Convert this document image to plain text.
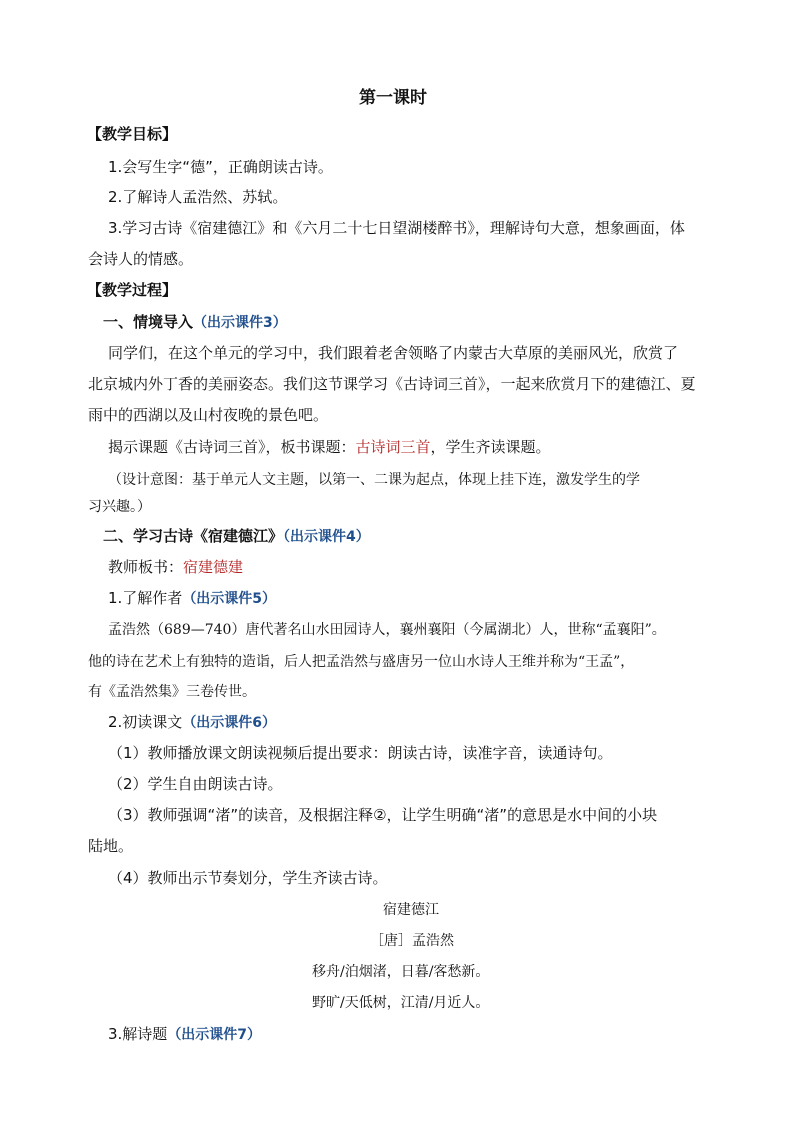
第一课时
【教学目标】
1.会写生字“德”，正确朗读古诗。
2.了解诗人孟浩然、苏轼。
3.学习古诗《宿建德江》和《六月二十七日望湖楼醉书》，理解诗句大意，想象画面，体
会诗人的情感。
【教学过程】
一、情境导入（出示课件3）
同学们，在这个单元的学习中，我们跟着老舍领略了内蒙古大草原的美丽风光，欣赏了
北京城内外丁香的美丽姿态。我们这节课学习《古诗词三首》，一起来欣赏月下的建德江、夏
雨中的西湖以及山村夜晚的景色吧。
揭示课题《古诗词三首》，板书课题：古诗词三首，学生齐读课题。
（设计意图：基于单元人文主题，以第一、二课为起点，体现上挂下连，激发学生的学
习兴趣。）
二、学习古诗《宿建德江》（出示课件4）
教师板书：宿建德建
1.了解作者（出示课件5）
孟浩然（689—740）唐代著名山水田园诗人，襄州襄阳（今属湖北）人，世称“孟襄阳”。
他的诗在艺术上有独特的造诣，后人把孟浩然与盛唐另一位山水诗人王维并称为“王孟”，
有《孟浩然集》三卷传世。
2.初读课文（出示课件6）
（1）教师播放课文朗读视频后提出要求：朗读古诗，读准字音，读通诗句。
（2）学生自由朗读古诗。
（3）教师强调“渚”的读音，及根据注释②，让学生明确“渚”的意思是水中间的小块
陆地。
（4）教师出示节奏划分，学生齐读古诗。
宿建德江
［唐］孟浩然
移舟/泊烟渚，日暮/客愁新。
野旷/天低树，江清/月近人。
3.解诗题（出示课件7）
